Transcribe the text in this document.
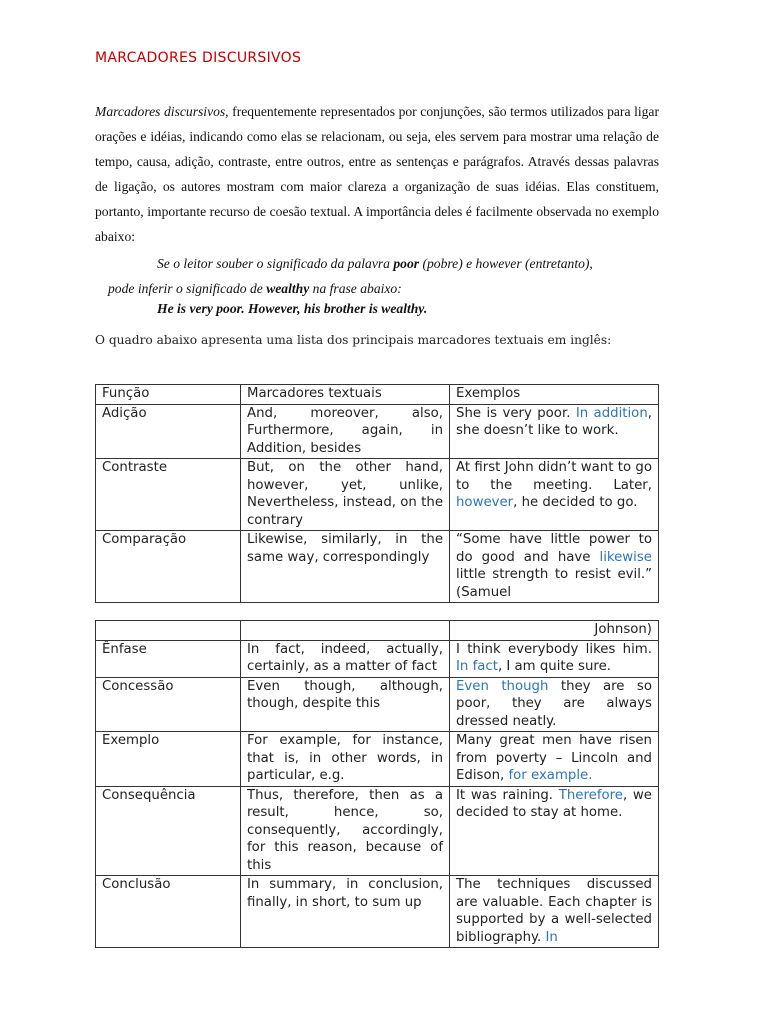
MARCADORES DISCURSIVOS
Marcadores discursivos, frequentemente representados por conjunções, são termos utilizados para ligar orações e idéias, indicando como elas se relacionam, ou seja, eles servem para mostrar uma relação de tempo, causa, adição, contraste, entre outros, entre as sentenças e parágrafos. Através dessas palavras de ligação, os autores mostram com maior clareza a organização de suas idéias. Elas constituem, portanto, importante recurso de coesão textual. A importância deles é facilmente observada no exemplo abaixo:
Se o leitor souber o significado da palavra poor (pobre) e however (entretanto),
pode inferir o significado de wealthy na frase abaixo:
He is very poor. However, his brother is wealthy.
O quadro abaixo apresenta uma lista dos principais marcadores textuais em inglês:
Função	Marcadores textuais	Exemplos
Adição	And, moreover, also, Furthermore, again, in Addition, besides	She is very poor. In addition, she doesn’t like to work.
Contraste	But, on the other hand, however, yet, unlike, Nevertheless, instead, on the contrary	At first John didn’t want to go to the meeting. Later, however, he decided to go.
Comparação	Likewise, similarly, in the same way, correspondingly	“Some have little power to do good and have likewise little strength to resist evil.” (Samuel
		Johnson)
Ênfase	In fact, indeed, actually, certainly, as a matter of fact	I think everybody likes him. In fact, I am quite sure.
Concessão	Even though, although, though, despite this	Even though they are so poor, they are always dressed neatly.
Exemplo	For example, for instance, that is, in other words, in particular, e.g.	Many great men have risen from poverty – Lincoln and Edison, for example.
Consequência	Thus, therefore, then as a result, hence, so, consequently, accordingly, for this reason, because of this	It was raining. Therefore, we decided to stay at home.
Conclusão	In summary, in conclusion, finally, in short, to sum up	The techniques discussed are valuable. Each chapter is supported by a well-selected bibliography. In
